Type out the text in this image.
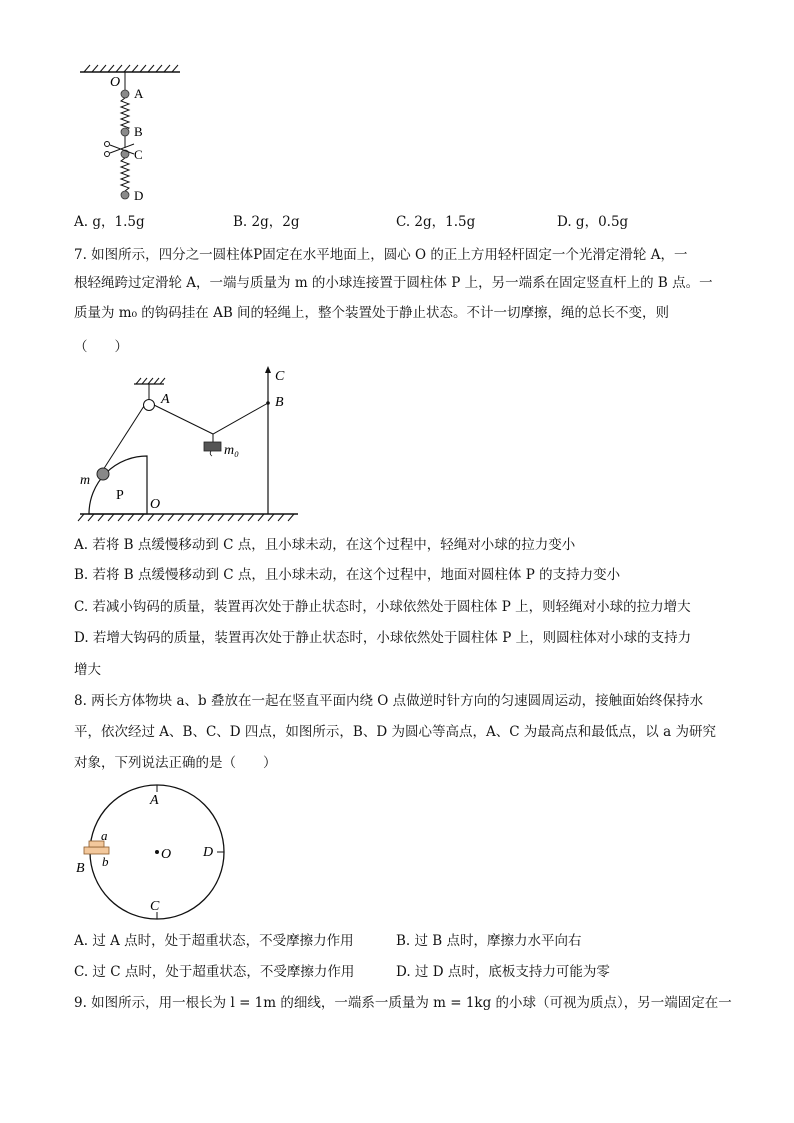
O
A
B
C
D
A. g，1.5g	B. 2g，2g	C. 2g，1.5g	D. g，0.5g
7. 如图所示，四分之一圆柱体P固定在水平地面上，圆心 O 的正上方用轻杆固定一个光滑定滑轮 A，一
根轻绳跨过定滑轮 A，一端与质量为 m 的小球连接置于圆柱体 P 上，另一端系在固定竖直杆上的 B 点。一
质量为 m₀ 的钩码挂在 AB 间的轻绳上，整个装置处于静止状态。不计一切摩擦，绳的总长不变，则
（　　）
A	B
C
m₀
m
P
O
A. 若将 B 点缓慢移动到 C 点，且小球未动，在这个过程中，轻绳对小球的拉力变小
B. 若将 B 点缓慢移动到 C 点，且小球未动，在这个过程中，地面对圆柱体 P 的支持力变小
C. 若减小钩码的质量，装置再次处于静止状态时，小球依然处于圆柱体 P 上，则轻绳对小球的拉力增大
D. 若增大钩码的质量，装置再次处于静止状态时，小球依然处于圆柱体 P 上，则圆柱体对小球的支持力
增大
8. 两长方体物块 a、b 叠放在一起在竖直平面内绕 O 点做逆时针方向的匀速圆周运动，接触面始终保持水
平，依次经过 A、B、C、D 四点，如图所示，B、D 为圆心等高点，A、C 为最高点和最低点，以 a 为研究
对象，下列说法正确的是（　　）
A
C
D
B
O
a
b
A. 过 A 点时，处于超重状态，不受摩擦力作用	B. 过 B 点时，摩擦力水平向右
C. 过 C 点时，处于超重状态，不受摩擦力作用	D. 过 D 点时，底板支持力可能为零
9. 如图所示，用一根长为 l = 1m 的细线，一端系一质量为 m = 1kg 的小球（可视为质点），另一端固定在一
